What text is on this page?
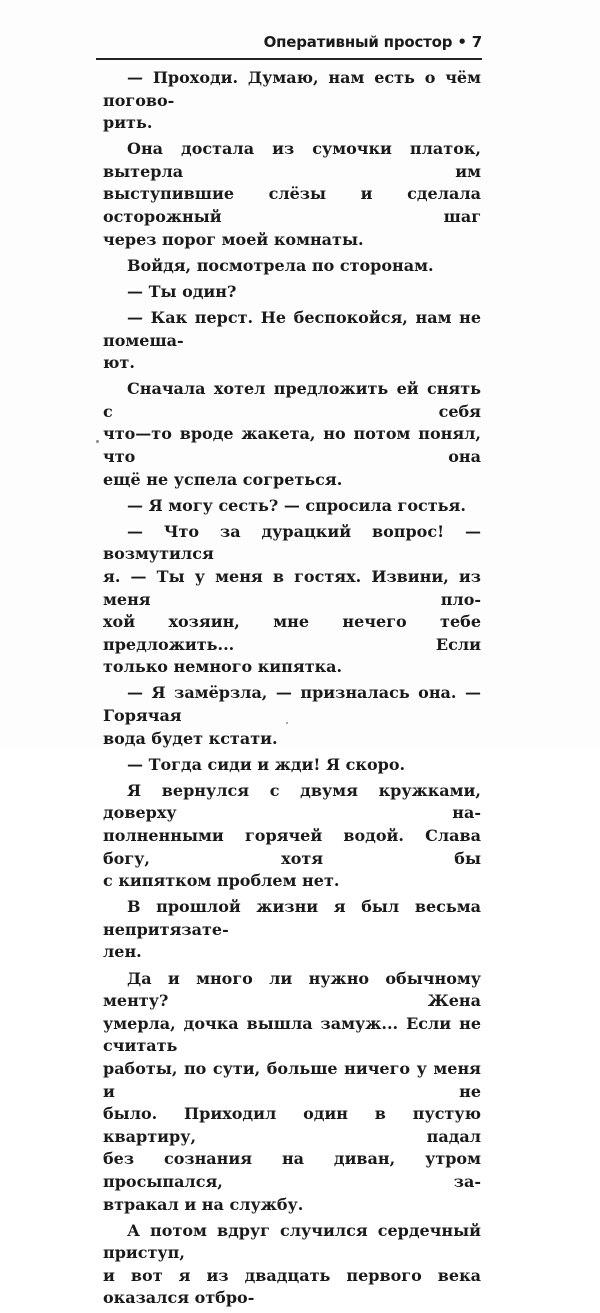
Оперативный простор • 7
— Проходи. Думаю, нам есть о чём погово-
рить.
Она достала из сумочки платок, вытерла им
выступившие слёзы и сделала осторожный шаг
через порог моей комнаты.
Войдя, посмотрела по сторонам.
— Ты один?
— Как перст. Не беспокойся, нам не помеша-
ют.
Сначала хотел предложить ей снять с себя
что—то вроде жакета, но потом понял, что она
ещё не успела согреться.
— Я могу сесть? — спросила гостья.
— Что за дурацкий вопрос! — возмутился
я. — Ты у меня в гостях. Извини, из меня пло-
хой хозяин, мне нечего тебе предложить... Если
только немного кипятка.
— Я замёрзла, — призналась она. — Горячая
вода будет кстати.
— Тогда сиди и жди! Я скоро.
Я вернулся с двумя кружками, доверху на-
полненными горячей водой. Слава богу, хотя бы
с кипятком проблем нет.
В прошлой жизни я был весьма непритязате-
лен.
Да и много ли нужно обычному менту? Жена
умерла, дочка вышла замуж... Если не считать
работы, по сути, больше ничего у меня и не
было. Приходил один в пустую квартиру, падал
без сознания на диван, утром просыпался, за-
втракал и на службу.
А потом вдруг случился сердечный приступ,
и вот я из двадцать первого века оказался отбро-
